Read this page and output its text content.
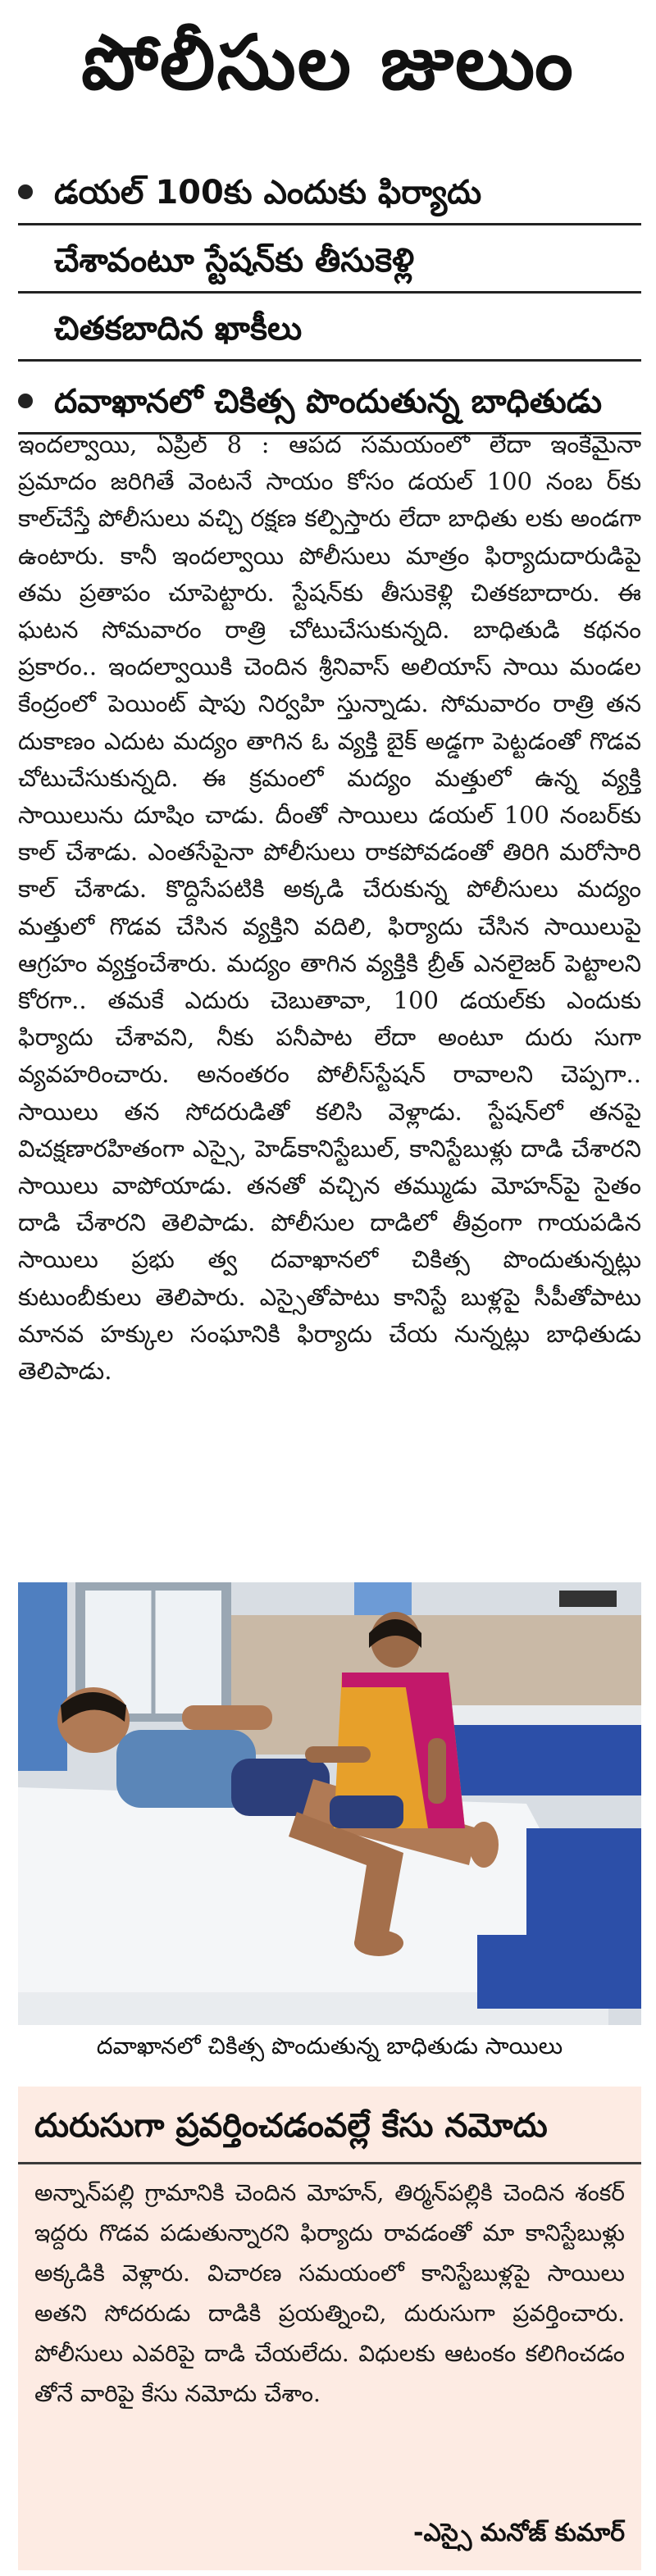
పోలీసుల జులుం
డయల్ 100కు ఎందుకు ఫిర్యాదు
చేశావంటూ స్టేషన్‌కు తీసుకెళ్లి
చితకబాదిన ఖాకీలు
దవాఖానలో చికిత్స పొందుతున్న బాధితుడు
ఇందల్వాయి, ఏప్రిల్ 8 : ఆపద సమయంలో లేదా ఇంకేమైనా ప్రమాదం జరిగితే వెంటనే సాయం కోసం డయల్ 100 నంబ ర్‌కు కాల్‌చేస్తే పోలీసులు వచ్చి రక్షణ కల్పిస్తారు లేదా బాధితు లకు అండగా ఉంటారు. కానీ ఇందల్వాయి పోలీసులు మాత్రం ఫిర్యాదుదారుడిపై తమ ప్రతాపం చూపెట్టారు. స్టేషన్‌కు తీసుకెళ్లి చితకబాదారు. ఈ ఘటన సోమవారం రాత్రి చోటుచేసుకున్నది. బాధితుడి కథనం ప్రకారం.. ఇందల్వాయికి చెందిన శ్రీనివాస్ అలియాస్ సాయి మండల కేంద్రంలో పెయింట్ షాపు నిర్వహి స్తున్నాడు. సోమవారం రాత్రి తన దుకాణం ఎదుట మద్యం తాగిన ఓ వ్యక్తి బైక్ అడ్డగా పెట్టడంతో గొడవ చోటుచేసుకున్నది. ఈ క్రమంలో మద్యం మత్తులో ఉన్న వ్యక్తి సాయిలును దూషిం చాడు. దీంతో సాయిలు డయల్ 100 నంబర్‌కు కాల్ చేశాడు. ఎంతసేపైనా పోలీసులు రాకపోవడంతో తిరిగి మరోసారి కాల్ చేశాడు. కొద్దిసేపటికి అక్కడి చేరుకున్న పోలీసులు మద్యం మత్తులో గొడవ చేసిన వ్యక్తిని వదిలి, ఫిర్యాదు చేసిన సాయిలుపై ఆగ్రహం వ్యక్తంచేశారు. మద్యం తాగిన వ్యక్తికి బ్రీత్ ఎనలైజర్ పెట్టాలని కోరగా.. తమకే ఎదురు చెబుతావా, 100 డయల్‌కు ఎందుకు ఫిర్యాదు చేశావని, నీకు పనీపాట లేదా అంటూ దురు సుగా వ్యవహరించారు. అనంతరం పోలీస్‌స్టేషన్ రావాలని చెప్పగా.. సాయిలు తన సోదరుడితో కలిసి వెళ్లాడు. స్టేషన్‌లో తనపై విచక్షణారహితంగా ఎస్సై, హెడ్‌కానిస్టేబుల్, కానిస్టేబుళ్లు దాడి చేశారని సాయిలు వాపోయాడు. తనతో వచ్చిన తమ్ముడు మోహన్‌పై సైతం దాడి చేశారని తెలిపాడు. పోలీసుల దాడిలో తీవ్రంగా గాయపడిన సాయిలు ప్రభు త్వ దవాఖానలో చికిత్స పొందుతున్నట్లు కుటుంబీకులు తెలిపారు. ఎస్సైతోపాటు కానిస్టే బుళ్లపై సీపీతోపాటు మానవ హక్కుల సంఘానికి ఫిర్యాదు చేయ నున్నట్లు బాధితుడు తెలిపాడు.
దవాఖానలో చికిత్స పొందుతున్న బాధితుడు సాయిలు
దురుసుగా ప్రవర్తించడంవల్లే కేసు నమోదు
అన్నాన్‌పల్లి గ్రామానికి చెందిన మోహన్, తిర్మన్‌పల్లికి చెందిన శంకర్ ఇద్దరు గొడవ పడుతున్నారని ఫిర్యాదు రావడంతో మా కానిస్టేబుళ్లు అక్కడికి వెళ్లారు. విచారణ సమయంలో కానిస్టేబుళ్లపై సాయిలు అతని సోదరుడు దాడికి ప్రయత్నించి, దురుసుగా ప్రవర్తించారు. పోలీసులు ఎవరిపై దాడి చేయలేదు. విధులకు ఆటంకం కలిగించడం తోనే వారిపై కేసు నమోదు చేశాం.
-ఎస్సై మనోజ్ కుమార్
